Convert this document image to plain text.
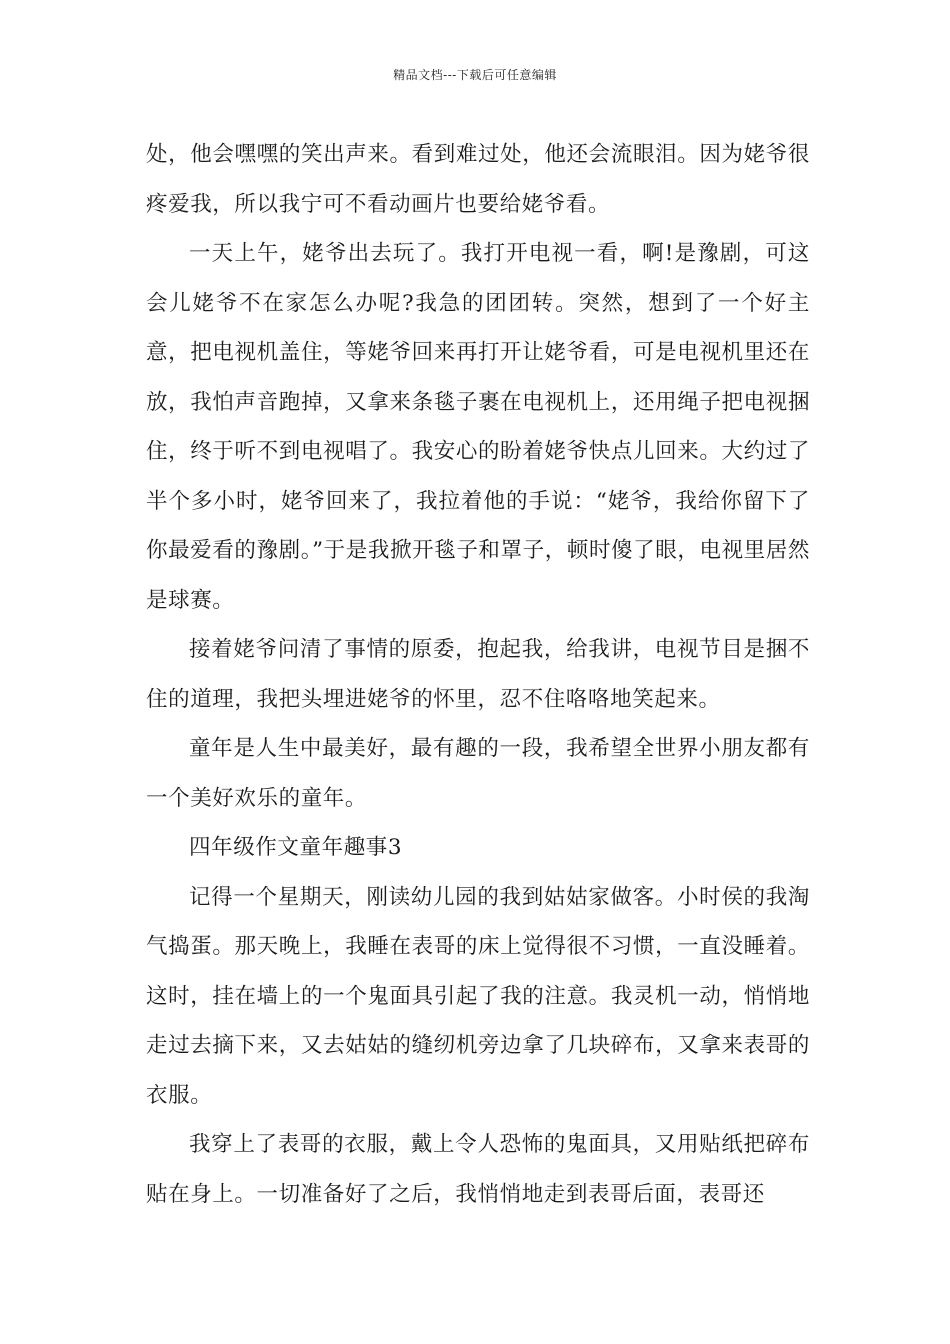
精品文档---下载后可任意编辑

处，他会嘿嘿的笑出声来。看到难过处，他还会流眼泪。因为姥爷很疼爱我，所以我宁可不看动画片也要给姥爷看。

一天上午，姥爷出去玩了。我打开电视一看，啊!是豫剧，可这会儿姥爷不在家怎么办呢?我急的团团转。突然，想到了一个好主意，把电视机盖住，等姥爷回来再打开让姥爷看，可是电视机里还在放，我怕声音跑掉，又拿来条毯子裹在电视机上，还用绳子把电视捆住，终于听不到电视唱了。我安心的盼着姥爷快点儿回来。大约过了半个多小时，姥爷回来了，我拉着他的手说：“姥爷，我给你留下了你最爱看的豫剧。”于是我掀开毯子和罩子，顿时傻了眼，电视里居然是球赛。

接着姥爷问清了事情的原委，抱起我，给我讲，电视节目是捆不住的道理，我把头埋进姥爷的怀里，忍不住咯咯地笑起来。

童年是人生中最美好，最有趣的一段，我希望全世界小朋友都有一个美好欢乐的童年。

四年级作文童年趣事3

记得一个星期天，刚读幼儿园的我到姑姑家做客。小时侯的我淘气捣蛋。那天晚上，我睡在表哥的床上觉得很不习惯，一直没睡着。这时，挂在墙上的一个鬼面具引起了我的注意。我灵机一动，悄悄地走过去摘下来，又去姑姑的缝纫机旁边拿了几块碎布，又拿来表哥的衣服。

我穿上了表哥的衣服，戴上令人恐怖的鬼面具，又用贴纸把碎布贴在身上。一切准备好了之后，我悄悄地走到表哥后面，表哥还
